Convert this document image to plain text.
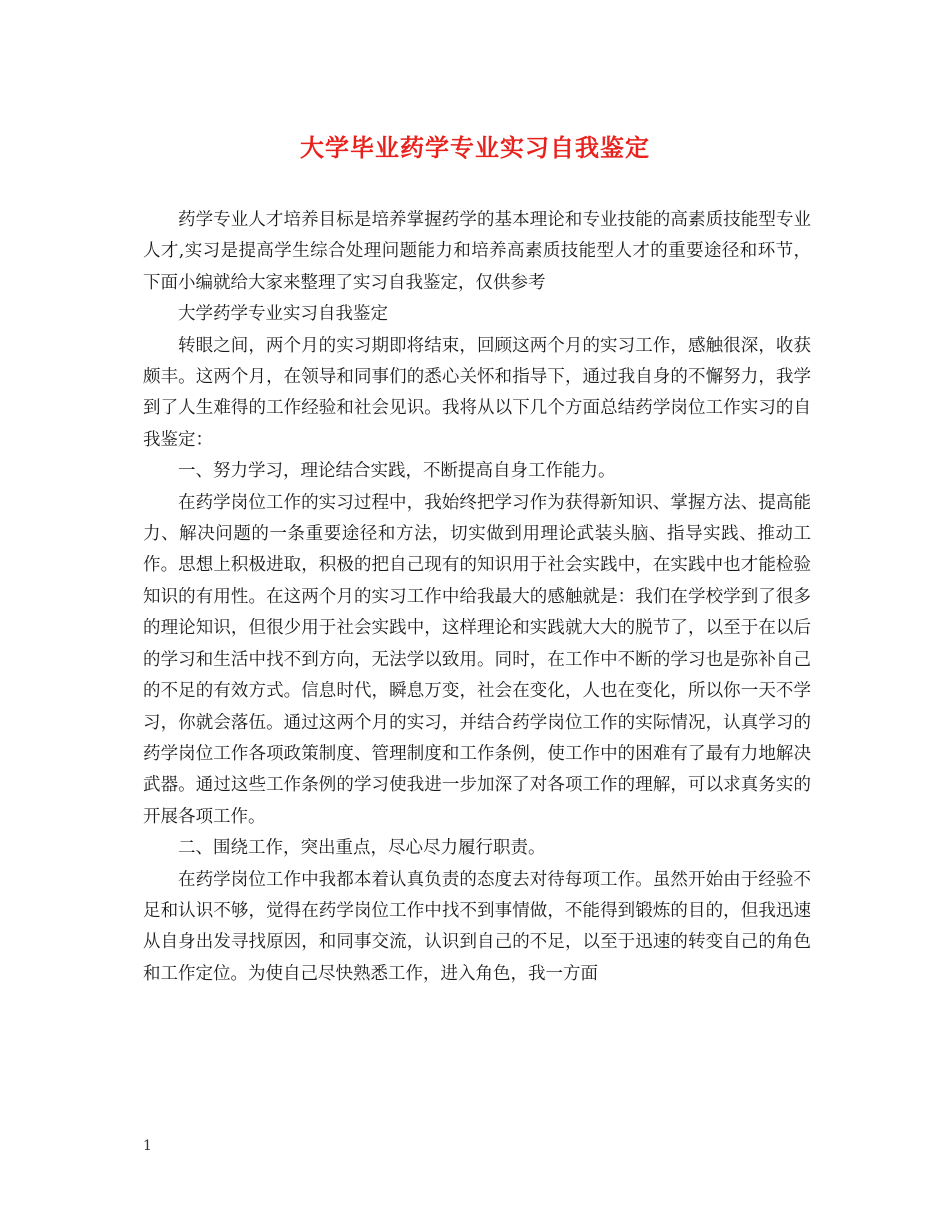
大学毕业药学专业实习自我鉴定

药学专业人才培养目标是培养掌握药学的基本理论和专业技能的高素质技能型专业人才,实习是提高学生综合处理问题能力和培养高素质技能型人才的重要途径和环节，下面小编就给大家来整理了实习自我鉴定，仅供参考

大学药学专业实习自我鉴定

转眼之间，两个月的实习期即将结束，回顾这两个月的实习工作，感触很深，收获颇丰。这两个月，在领导和同事们的悉心关怀和指导下，通过我自身的不懈努力，我学到了人生难得的工作经验和社会见识。我将从以下几个方面总结药学岗位工作实习的自我鉴定：

一、努力学习，理论结合实践，不断提高自身工作能力。

在药学岗位工作的实习过程中，我始终把学习作为获得新知识、掌握方法、提高能力、解决问题的一条重要途径和方法，切实做到用理论武装头脑、指导实践、推动工作。思想上积极进取，积极的把自己现有的知识用于社会实践中，在实践中也才能检验知识的有用性。在这两个月的实习工作中给我最大的感触就是：我们在学校学到了很多的理论知识，但很少用于社会实践中，这样理论和实践就大大的脱节了，以至于在以后的学习和生活中找不到方向，无法学以致用。同时，在工作中不断的学习也是弥补自己的不足的有效方式。信息时代，瞬息万变，社会在变化，人也在变化，所以你一天不学习，你就会落伍。通过这两个月的实习，并结合药学岗位工作的实际情况，认真学习的药学岗位工作各项政策制度、管理制度和工作条例，使工作中的困难有了最有力地解决武器。通过这些工作条例的学习使我进一步加深了对各项工作的理解，可以求真务实的开展各项工作。

二、围绕工作，突出重点，尽心尽力履行职责。

在药学岗位工作中我都本着认真负责的态度去对待每项工作。虽然开始由于经验不足和认识不够，觉得在药学岗位工作中找不到事情做，不能得到锻炼的目的，但我迅速从自身出发寻找原因，和同事交流，认识到自己的不足，以至于迅速的转变自己的角色和工作定位。为使自己尽快熟悉工作，进入角色，我一方面

1
